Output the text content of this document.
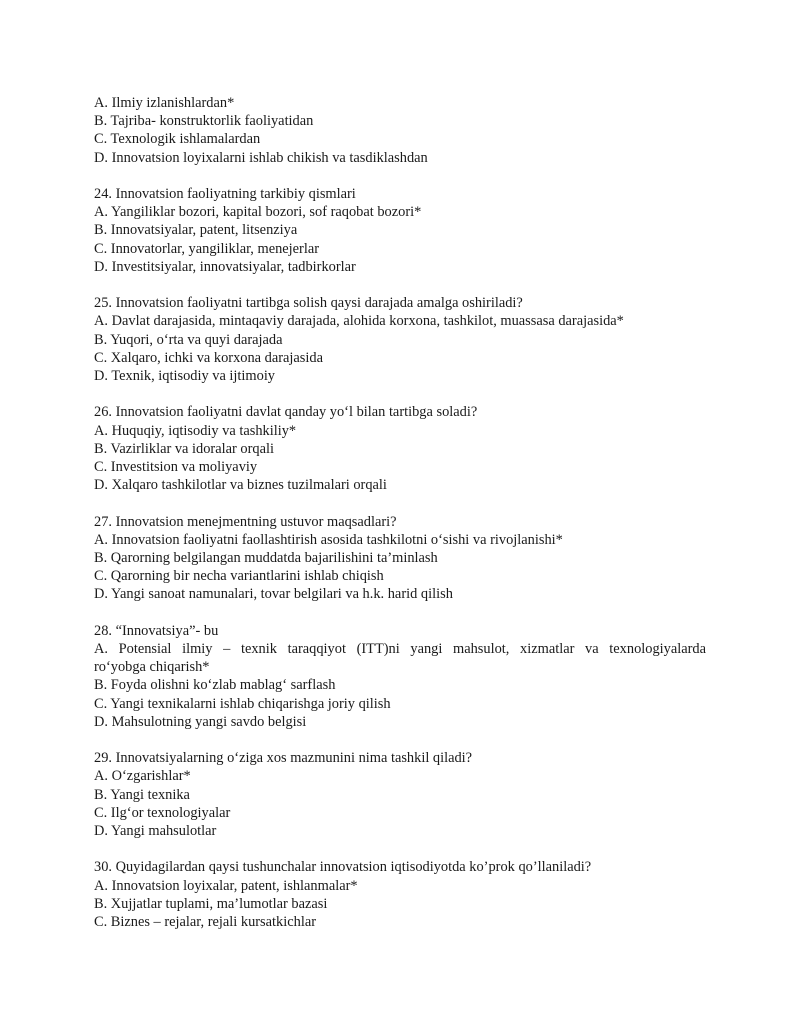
A. Ilmiy izlanishlardan*
B. Tajriba- konstruktorlik faoliyatidan
C. Texnologik ishlamalardan
D. Innovatsion loyixalarni ishlab chikish va tasdiklashdan
24. Innovatsion faoliyatning tarkibiy qismlari
A. Yangiliklar bozori, kapital bozori, sof raqobat bozori*
B. Innovatsiyalar, patent, litsenziya
C. Innovatorlar, yangiliklar, menejerlar
D. Investitsiyalar, innovatsiyalar, tadbirkorlar
25. Innovatsion faoliyatni tartibga solish qaysi darajada amalga oshiriladi?
A. Davlat darajasida, mintaqaviy darajada, alohida korxona, tashkilot, muassasa darajasida*
B. Yuqori, o‘rta va quyi darajada
C. Xalqaro, ichki va korxona darajasida
D. Texnik, iqtisodiy va ijtimoiy
26. Innovatsion faoliyatni davlat qanday yo‘l bilan tartibga soladi?
A. Huquqiy, iqtisodiy va tashkiliy*
B. Vazirliklar va idoralar orqali
C. Investitsion va moliyaviy
D. Xalqaro tashkilotlar va biznes tuzilmalari orqali
27. Innovatsion menejmentning ustuvor maqsadlari?
A. Innovatsion faoliyatni faollashtirish asosida tashkilotni o‘sishi va rivojlanishi*
B. Qarorning belgilangan muddatda bajarilishini ta’minlash
C. Qarorning bir necha variantlarini ishlab chiqish
D. Yangi sanoat namunalari, tovar belgilari va h.k. harid qilish
28. “Innovatsiya”- bu
A. Potensial ilmiy – texnik taraqqiyot (ITT)ni yangi mahsulot, xizmatlar va texnologiyalarda
ro‘yobga chiqarish*
B. Foyda olishni ko‘zlab mablag‘ sarflash
C. Yangi texnikalarni ishlab chiqarishga joriy qilish
D. Mahsulotning yangi savdo belgisi
29. Innovatsiyalarning o‘ziga xos mazmunini nima tashkil qiladi?
A. O‘zgarishlar*
B. Yangi texnika
C. Ilg‘or texnologiyalar
D. Yangi mahsulotlar
30. Quyidagilardan qaysi tushunchalar innovatsion iqtisodiyotda ko’prok qo’llaniladi?
A. Innovatsion loyixalar, patent, ishlanmalar*
B. Xujjatlar tuplami, ma’lumotlar bazasi
C. Biznes – rejalar, rejali kursatkichlar
